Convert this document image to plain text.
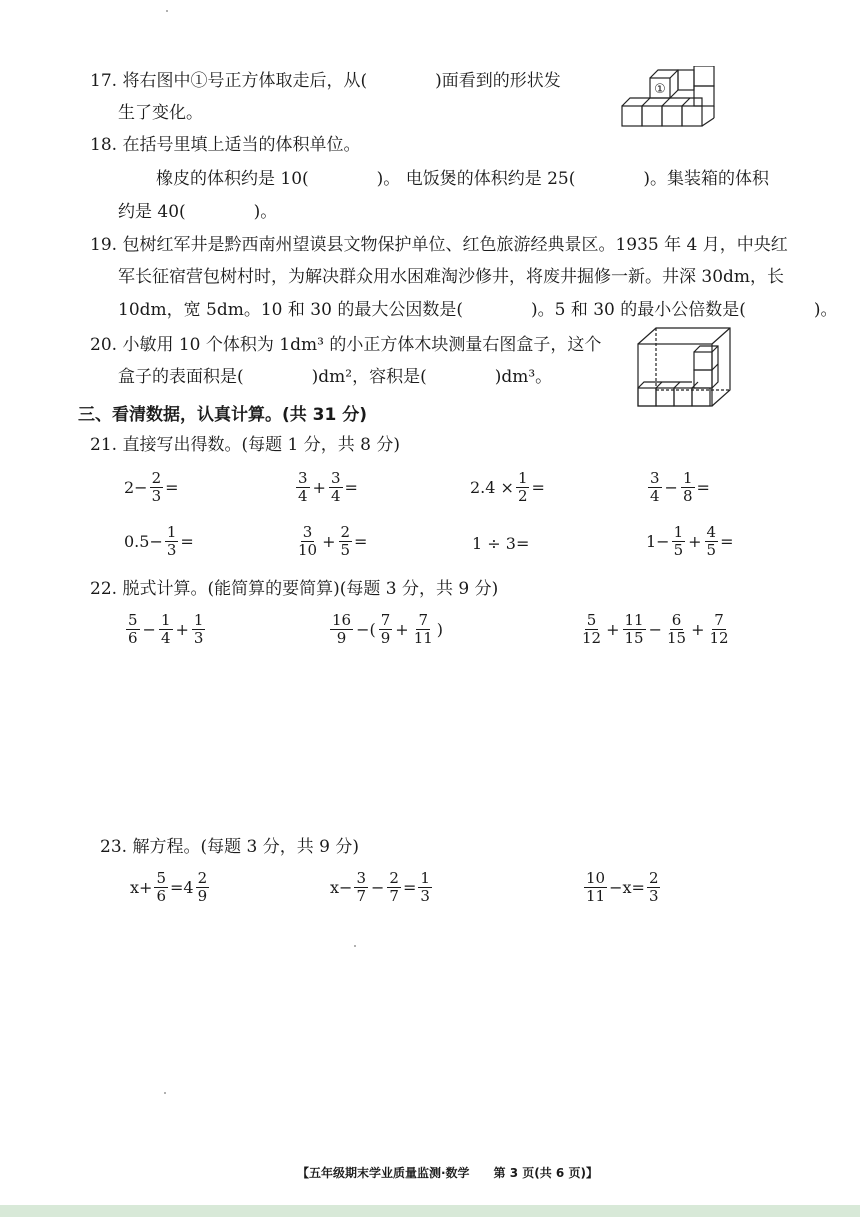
17. 将右图中①号正方体取走后，从(　　　　)面看到的形状发
生了变化。
①
18. 在括号里填上适当的体积单位。
橡皮的体积约是 10(　　　　)。 电饭煲的体积约是 25(　　　　)。集装箱的体积
约是 40(　　　　)。
19. 包树红军井是黔西南州望谟县文物保护单位、红色旅游经典景区。1935 年 4 月，中央红
军长征宿营包树村时，为解决群众用水困难淘沙修井，将废井掘修一新。井深 30dm，长
10dm，宽 5dm。10 和 30 的最大公因数是(　　　　)。5 和 30 的最小公倍数是(　　　　)。
20. 小敏用 10 个体积为 1dm³ 的小正方体木块测量右图盒子，这个
盒子的表面积是(　　　　)dm²，容积是(　　　　)dm³。
三、看清数据，认真计算。(共 31 分)
21. 直接写出得数。(每题 1 分，共 8 分)
$2- \frac{2}{3}$ =	$\frac{3}{4} + \frac{3}{4}$ =	$2.4 \times \frac{1}{2}$ =	$\frac{3}{4} - \frac{1}{8}$ =
$0.5- \frac{1}{3}$ =	$\frac{3}{10} + \frac{2}{5}$ =	1 ÷ 3=	$1- \frac{1}{5} + \frac{4}{5}$ =
22. 脱式计算。(能简算的要简算)(每题 3 分，共 9 分)
$\frac{5}{6} - \frac{1}{4} + \frac{1}{3}$	$\frac{16}{9}$ −( $\frac{7}{9} + \frac{7}{11}$ )	$\frac{5}{12} + \frac{11}{15} - \frac{6}{15} + \frac{7}{12}$
23. 解方程。(每题 3 分，共 9 分)
$x+ \frac{5}{6} =4 \frac{2}{9}$	$x- \frac{3}{7} - \frac{2}{7} = \frac{1}{3}$	$\frac{10}{11} -x= \frac{2}{3}$
【五年级期末学业质量监测·数学　　第 3 页(共 6 页)】
